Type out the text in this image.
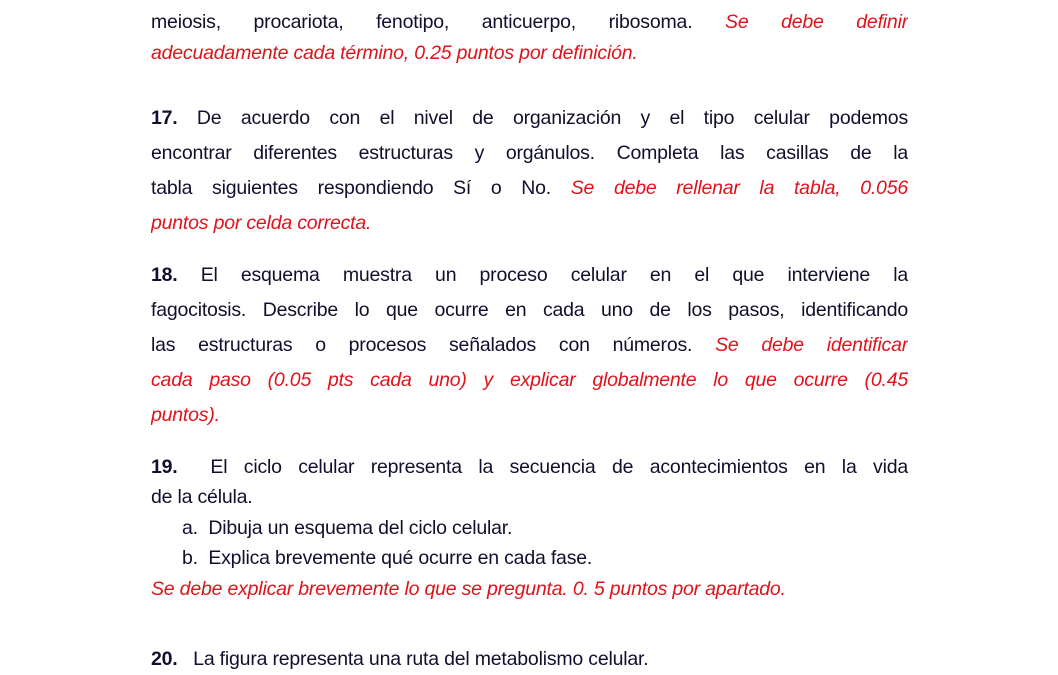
meiosis, procariota, fenotipo, anticuerpo, ribosoma. Se debe definir
adecuadamente cada término, 0.25 puntos por definición.
17. De acuerdo con el nivel de organización y el tipo celular podemos
encontrar diferentes estructuras y orgánulos. Completa las casillas de la
tabla siguientes respondiendo Sí o No. Se debe rellenar la tabla, 0.056
puntos por celda correcta.
18. El esquema muestra un proceso celular en el que interviene la
fagocitosis. Describe lo que ocurre en cada uno de los pasos, identificando
las estructuras o procesos señalados con números. Se debe identificar
cada paso (0.05 pts cada uno) y explicar globalmente lo que ocurre (0.45
puntos).
19. El ciclo celular representa la secuencia de acontecimientos en la vida
de la célula.
a. Dibuja un esquema del ciclo celular.
b. Explica brevemente qué ocurre en cada fase.
Se debe explicar brevemente lo que se pregunta. 0. 5 puntos por apartado.
20. La figura representa una ruta del metabolismo celular.
